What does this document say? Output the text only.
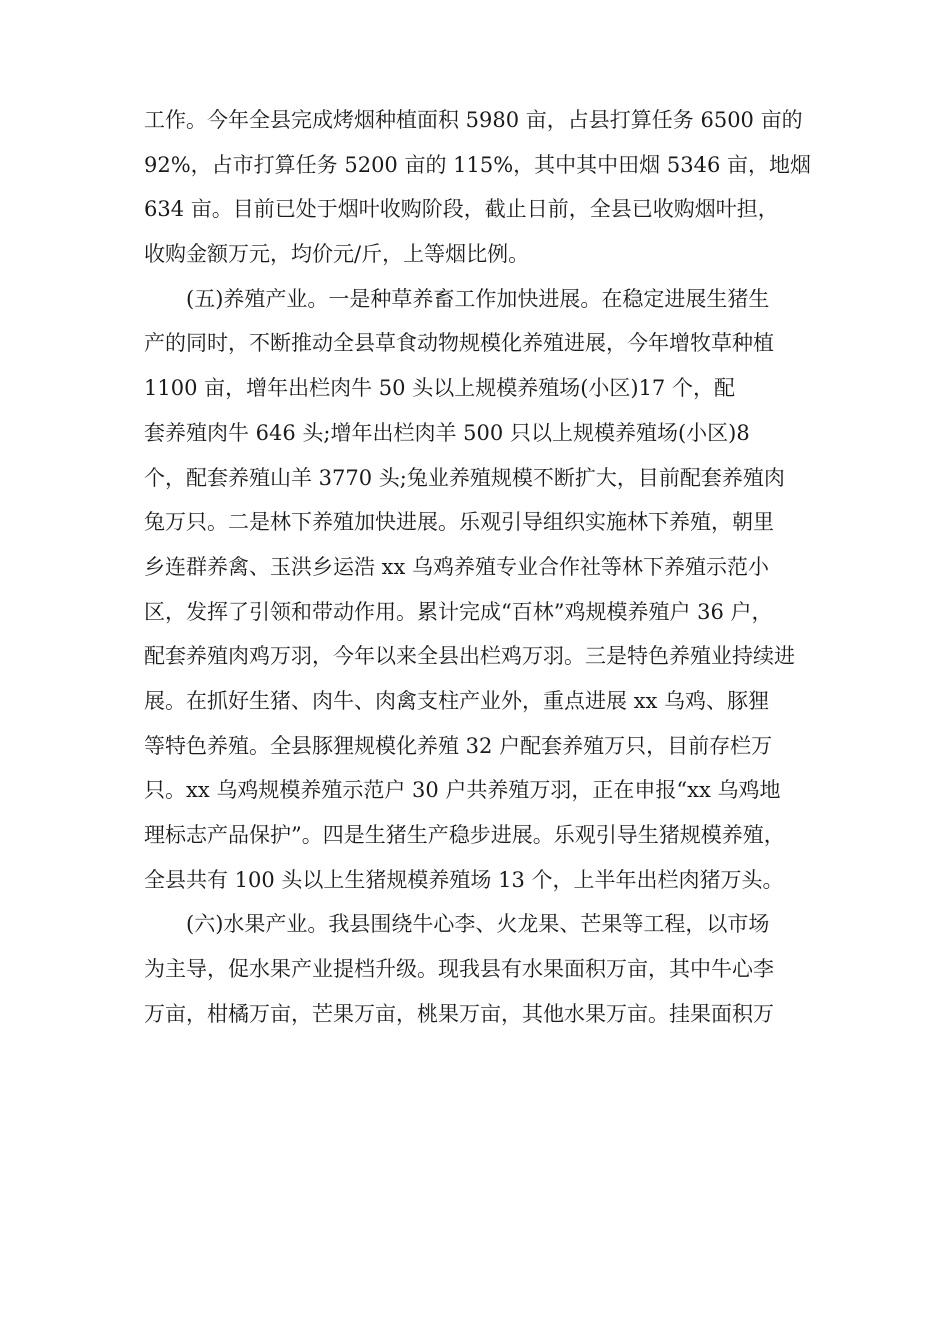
工作。今年全县完成烤烟种植面积 5980 亩，占县打算任务 6500 亩的
92%，占市打算任务 5200 亩的 115%，其中其中田烟 5346 亩，地烟
634 亩。目前已处于烟叶收购阶段，截止日前，全县已收购烟叶担，
收购金额万元，均价元/斤，上等烟比例。
(五)养殖产业。一是种草养畜工作加快进展。在稳定进展生猪生
产的同时，不断推动全县草食动物规模化养殖进展，今年增牧草种植
1100 亩，增年出栏肉牛 50 头以上规模养殖场(小区)17 个，配
套养殖肉牛 646 头;增年出栏肉羊 500 只以上规模养殖场(小区)8
个，配套养殖山羊 3770 头;兔业养殖规模不断扩大，目前配套养殖肉
兔万只。二是林下养殖加快进展。乐观引导组织实施林下养殖，朝里
乡连群养禽、玉洪乡运浩 xx 乌鸡养殖专业合作社等林下养殖示范小
区，发挥了引领和带动作用。累计完成“百林”鸡规模养殖户 36 户，
配套养殖肉鸡万羽，今年以来全县出栏鸡万羽。三是特色养殖业持续进
展。在抓好生猪、肉牛、肉禽支柱产业外，重点进展 xx 乌鸡、豚狸
等特色养殖。全县豚狸规模化养殖 32 户配套养殖万只，目前存栏万
只。xx 乌鸡规模养殖示范户 30 户共养殖万羽，正在申报“xx 乌鸡地
理标志产品保护”。四是生猪生产稳步进展。乐观引导生猪规模养殖，
全县共有 100 头以上生猪规模养殖场 13 个，上半年出栏肉猪万头。
(六)水果产业。我县围绕牛心李、火龙果、芒果等工程，以市场
为主导，促水果产业提档升级。现我县有水果面积万亩，其中牛心李
万亩，柑橘万亩，芒果万亩，桃果万亩，其他水果万亩。挂果面积万
